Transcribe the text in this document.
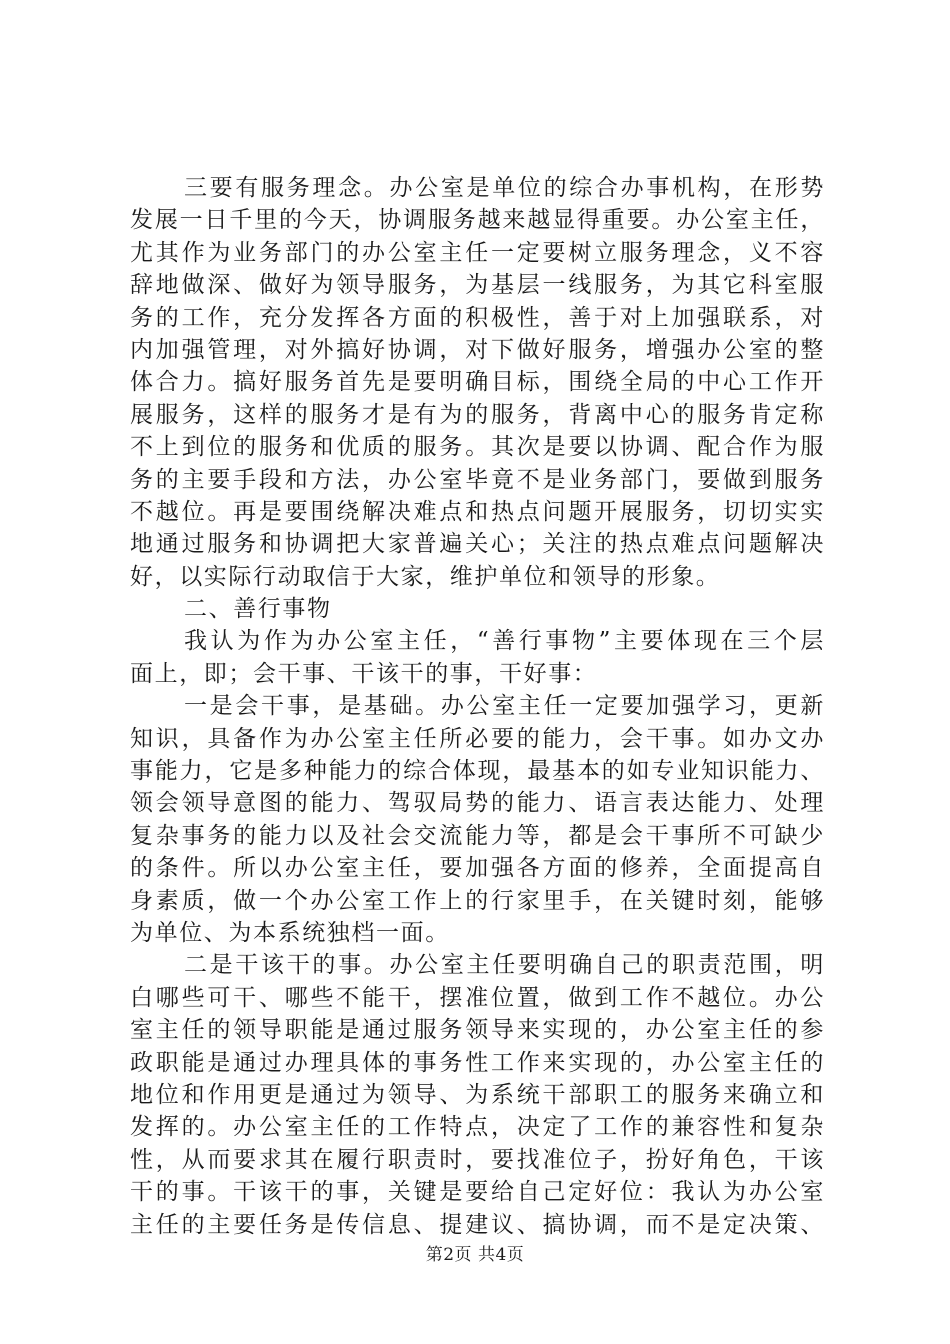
三要有服务理念。办公室是单位的综合办事机构，在形势
发展一日千里的今天，协调服务越来越显得重要。办公室主任，
尤其作为业务部门的办公室主任一定要树立服务理念，义不容
辞地做深、做好为领导服务，为基层一线服务，为其它科室服
务的工作，充分发挥各方面的积极性，善于对上加强联系，对
内加强管理，对外搞好协调，对下做好服务，增强办公室的整
体合力。搞好服务首先是要明确目标，围绕全局的中心工作开
展服务，这样的服务才是有为的服务，背离中心的服务肯定称
不上到位的服务和优质的服务。其次是要以协调、配合作为服
务的主要手段和方法，办公室毕竟不是业务部门，要做到服务
不越位。再是要围绕解决难点和热点问题开展服务，切切实实
地通过服务和协调把大家普遍关心；关注的热点难点问题解决
好，以实际行动取信于大家，维护单位和领导的形象。
二、善行事物
我认为作为办公室主任，“善行事物”主要体现在三个层
面上，即；会干事、干该干的事，干好事：
一是会干事，是基础。办公室主任一定要加强学习，更新
知识，具备作为办公室主任所必要的能力，会干事。如办文办
事能力，它是多种能力的综合体现，最基本的如专业知识能力、
领会领导意图的能力、驾驭局势的能力、语言表达能力、处理
复杂事务的能力以及社会交流能力等，都是会干事所不可缺少
的条件。所以办公室主任，要加强各方面的修养，全面提高自
身素质，做一个办公室工作上的行家里手，在关键时刻，能够
为单位、为本系统独档一面。
二是干该干的事。办公室主任要明确自己的职责范围，明
白哪些可干、哪些不能干，摆准位置，做到工作不越位。办公
室主任的领导职能是通过服务领导来实现的，办公室主任的参
政职能是通过办理具体的事务性工作来实现的，办公室主任的
地位和作用更是通过为领导、为系统干部职工的服务来确立和
发挥的。办公室主任的工作特点，决定了工作的兼容性和复杂
性，从而要求其在履行职责时，要找准位子，扮好角色，干该
干的事。干该干的事，关键是要给自己定好位：我认为办公室
主任的主要任务是传信息、提建议、搞协调，而不是定决策、
第2页 共4页
